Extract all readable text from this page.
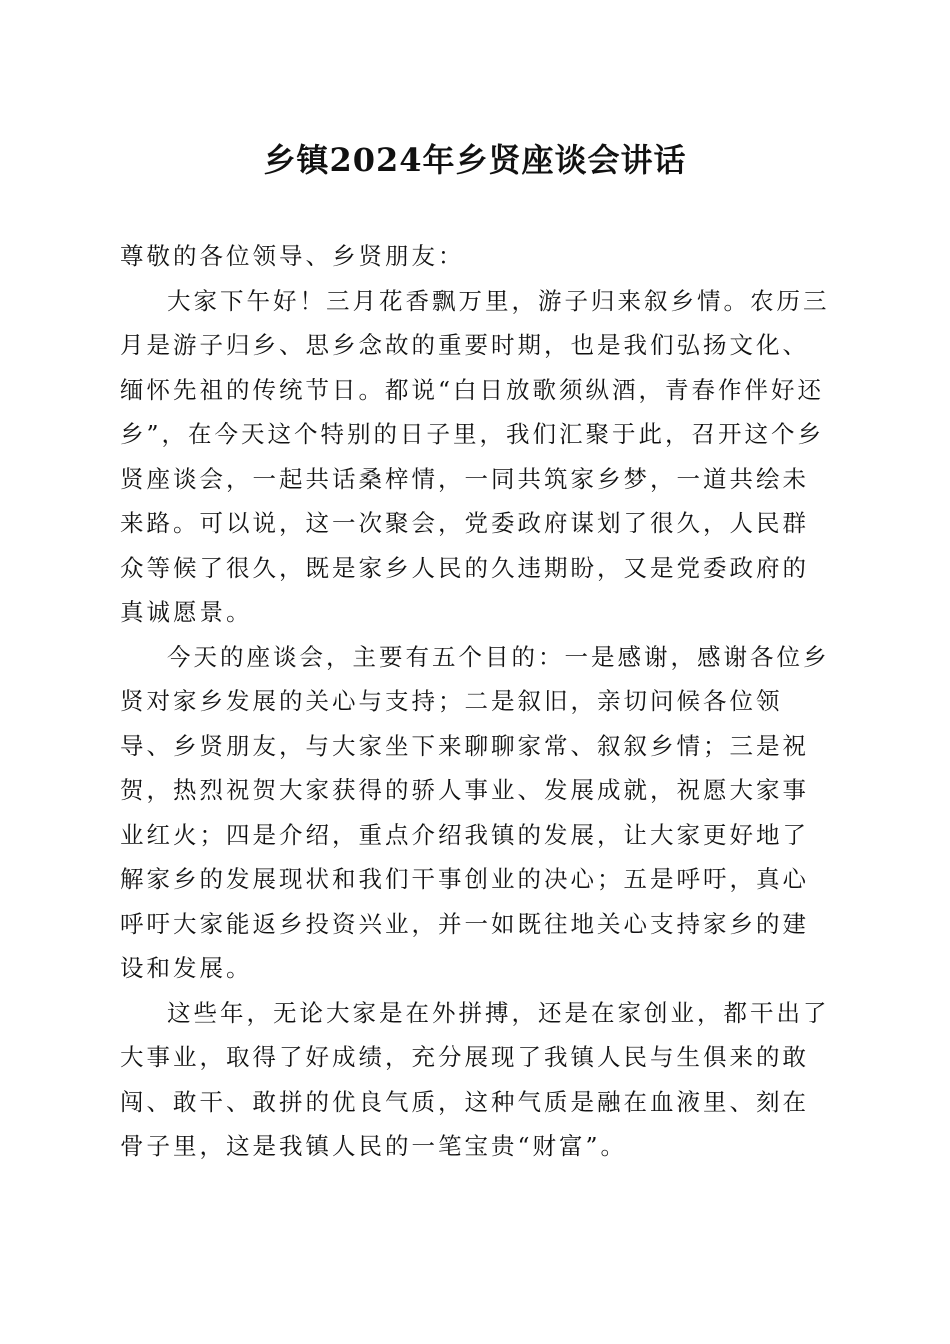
乡镇2024年乡贤座谈会讲话

尊敬的各位领导、乡贤朋友：

大家下午好！三月花香飘万里，游子归来叙乡情。农历三月是游子归乡、思乡念故的重要时期，也是我们弘扬文化、缅怀先祖的传统节日。都说“白日放歌须纵酒，青春作伴好还乡”，在今天这个特别的日子里，我们汇聚于此，召开这个乡贤座谈会，一起共话桑梓情，一同共筑家乡梦，一道共绘未来路。可以说，这一次聚会，党委政府谋划了很久，人民群众等候了很久，既是家乡人民的久违期盼，又是党委政府的真诚愿景。

今天的座谈会，主要有五个目的：一是感谢，感谢各位乡贤对家乡发展的关心与支持；二是叙旧，亲切问候各位领导、乡贤朋友，与大家坐下来聊聊家常、叙叙乡情；三是祝贺，热烈祝贺大家获得的骄人事业、发展成就，祝愿大家事业红火；四是介绍，重点介绍我镇的发展，让大家更好地了解家乡的发展现状和我们干事创业的决心；五是呼吁，真心呼吁大家能返乡投资兴业，并一如既往地关心支持家乡的建设和发展。

这些年，无论大家是在外拼搏，还是在家创业，都干出了大事业，取得了好成绩，充分展现了我镇人民与生俱来的敢闯、敢干、敢拼的优良气质，这种气质是融在血液里、刻在骨子里，这是我镇人民的一笔宝贵“财富”。
